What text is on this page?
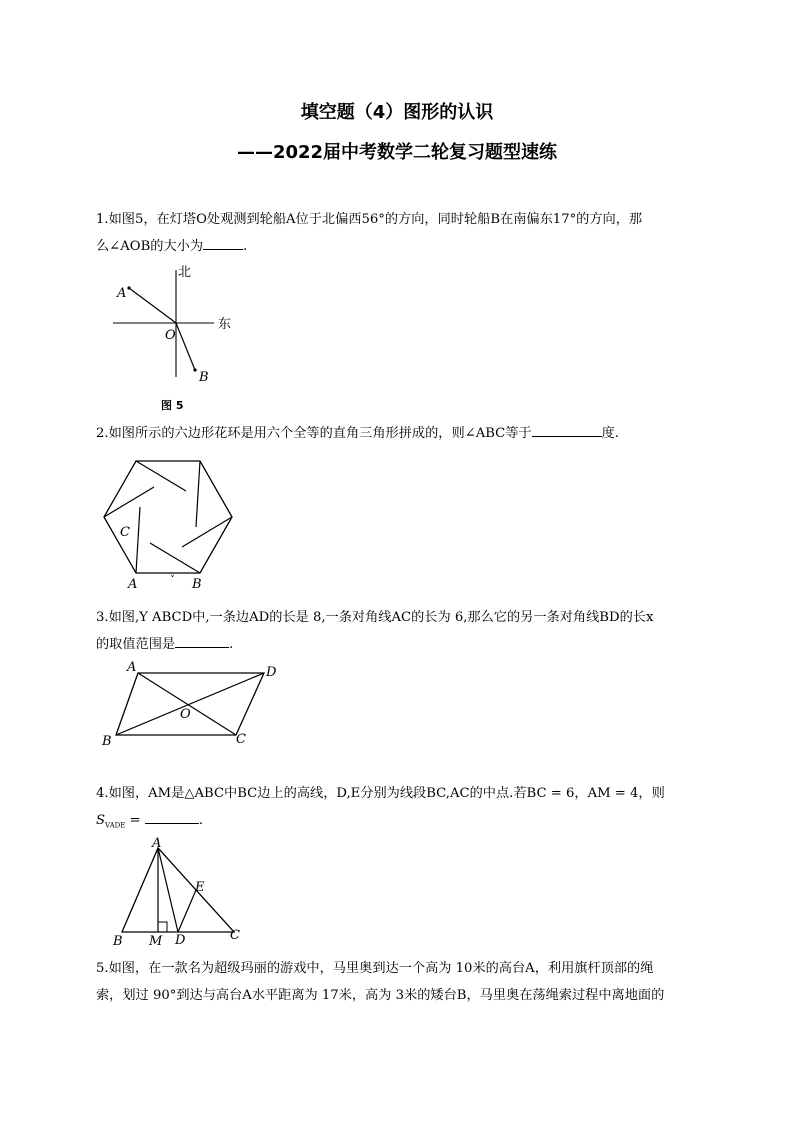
填空题（4）图形的认识
——2022届中考数学二轮复习题型速练
1.如图5，在灯塔O处观测到轮船A位于北偏西56°的方向，同时轮船B在南偏东17°的方向，那
么∠AOB的大小为	.
北
东
A
O
B
图 5
2.如图所示的六边形花环是用六个全等的直角三角形拼成的，则∠ABC等于	度.
C
A	B
˅
3.如图,Y ABCD中,一条边AD的长是 8,一条对角线AC的长为 6,那么它的另一条对角线BD的长x
的取值范围是	.
A	D
O
B	C
4.如图，AM是△ABC中BC边上的高线，D,E分别为线段BC,AC的中点.若BC = 6，AM = 4，则
$S_{VADE}$ =	.
A
E
B M D	C
5.如图，在一款名为超级玛丽的游戏中，马里奥到达一个高为 10米的高台A，利用旗杆顶部的绳
索，划过 90°到达与高台A水平距离为 17米，高为 3米的矮台B，马里奥在荡绳索过程中离地面的
